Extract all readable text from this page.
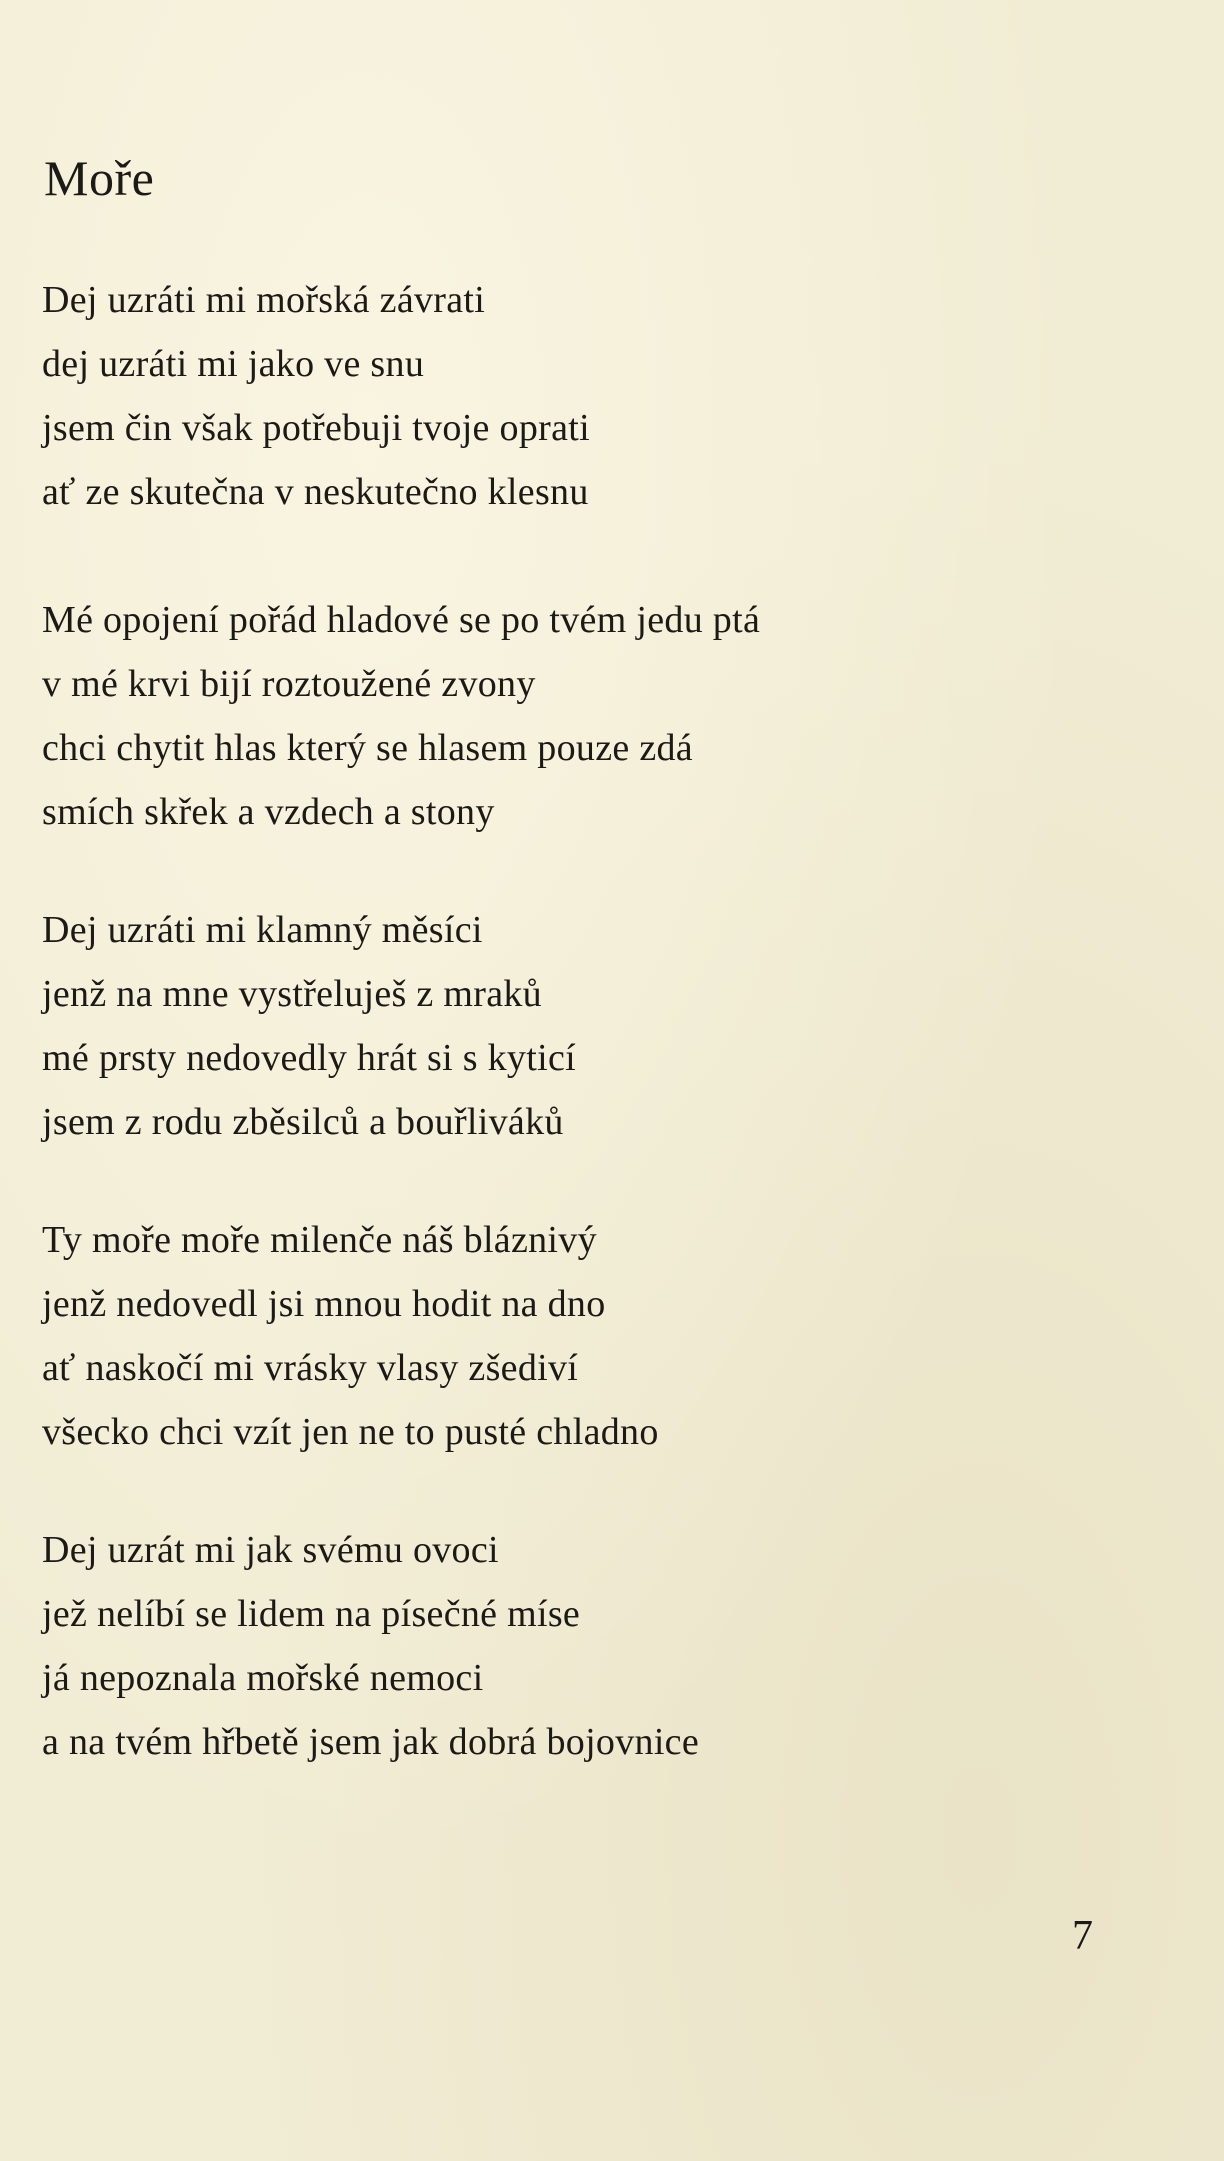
Moře

Dej uzráti mi mořská závrati
dej uzráti mi jako ve snu
jsem čin však potřebuji tvoje oprati
ať ze skutečna v neskutečno klesnu

Mé opojení pořád hladové se po tvém jedu ptá
v mé krvi bijí roztoužené zvony
chci chytit hlas který se hlasem pouze zdá
smích skřek a vzdech a stony

Dej uzráti mi klamný měsíci
jenž na mne vystřeluješ z mraků
mé prsty nedovedly hrát si s kyticí
jsem z rodu zběsilců a bouřliváků

Ty moře moře milenče náš bláznivý
jenž nedovedl jsi mnou hodit na dno
ať naskočí mi vrásky vlasy zšediví
všecko chci vzít jen ne to pusté chladno

Dej uzrát mi jak svému ovoci
jež nelíbí se lidem na písečné míse
já nepoznala mořské nemoci
a na tvém hřbetě jsem jak dobrá bojovnice

7
